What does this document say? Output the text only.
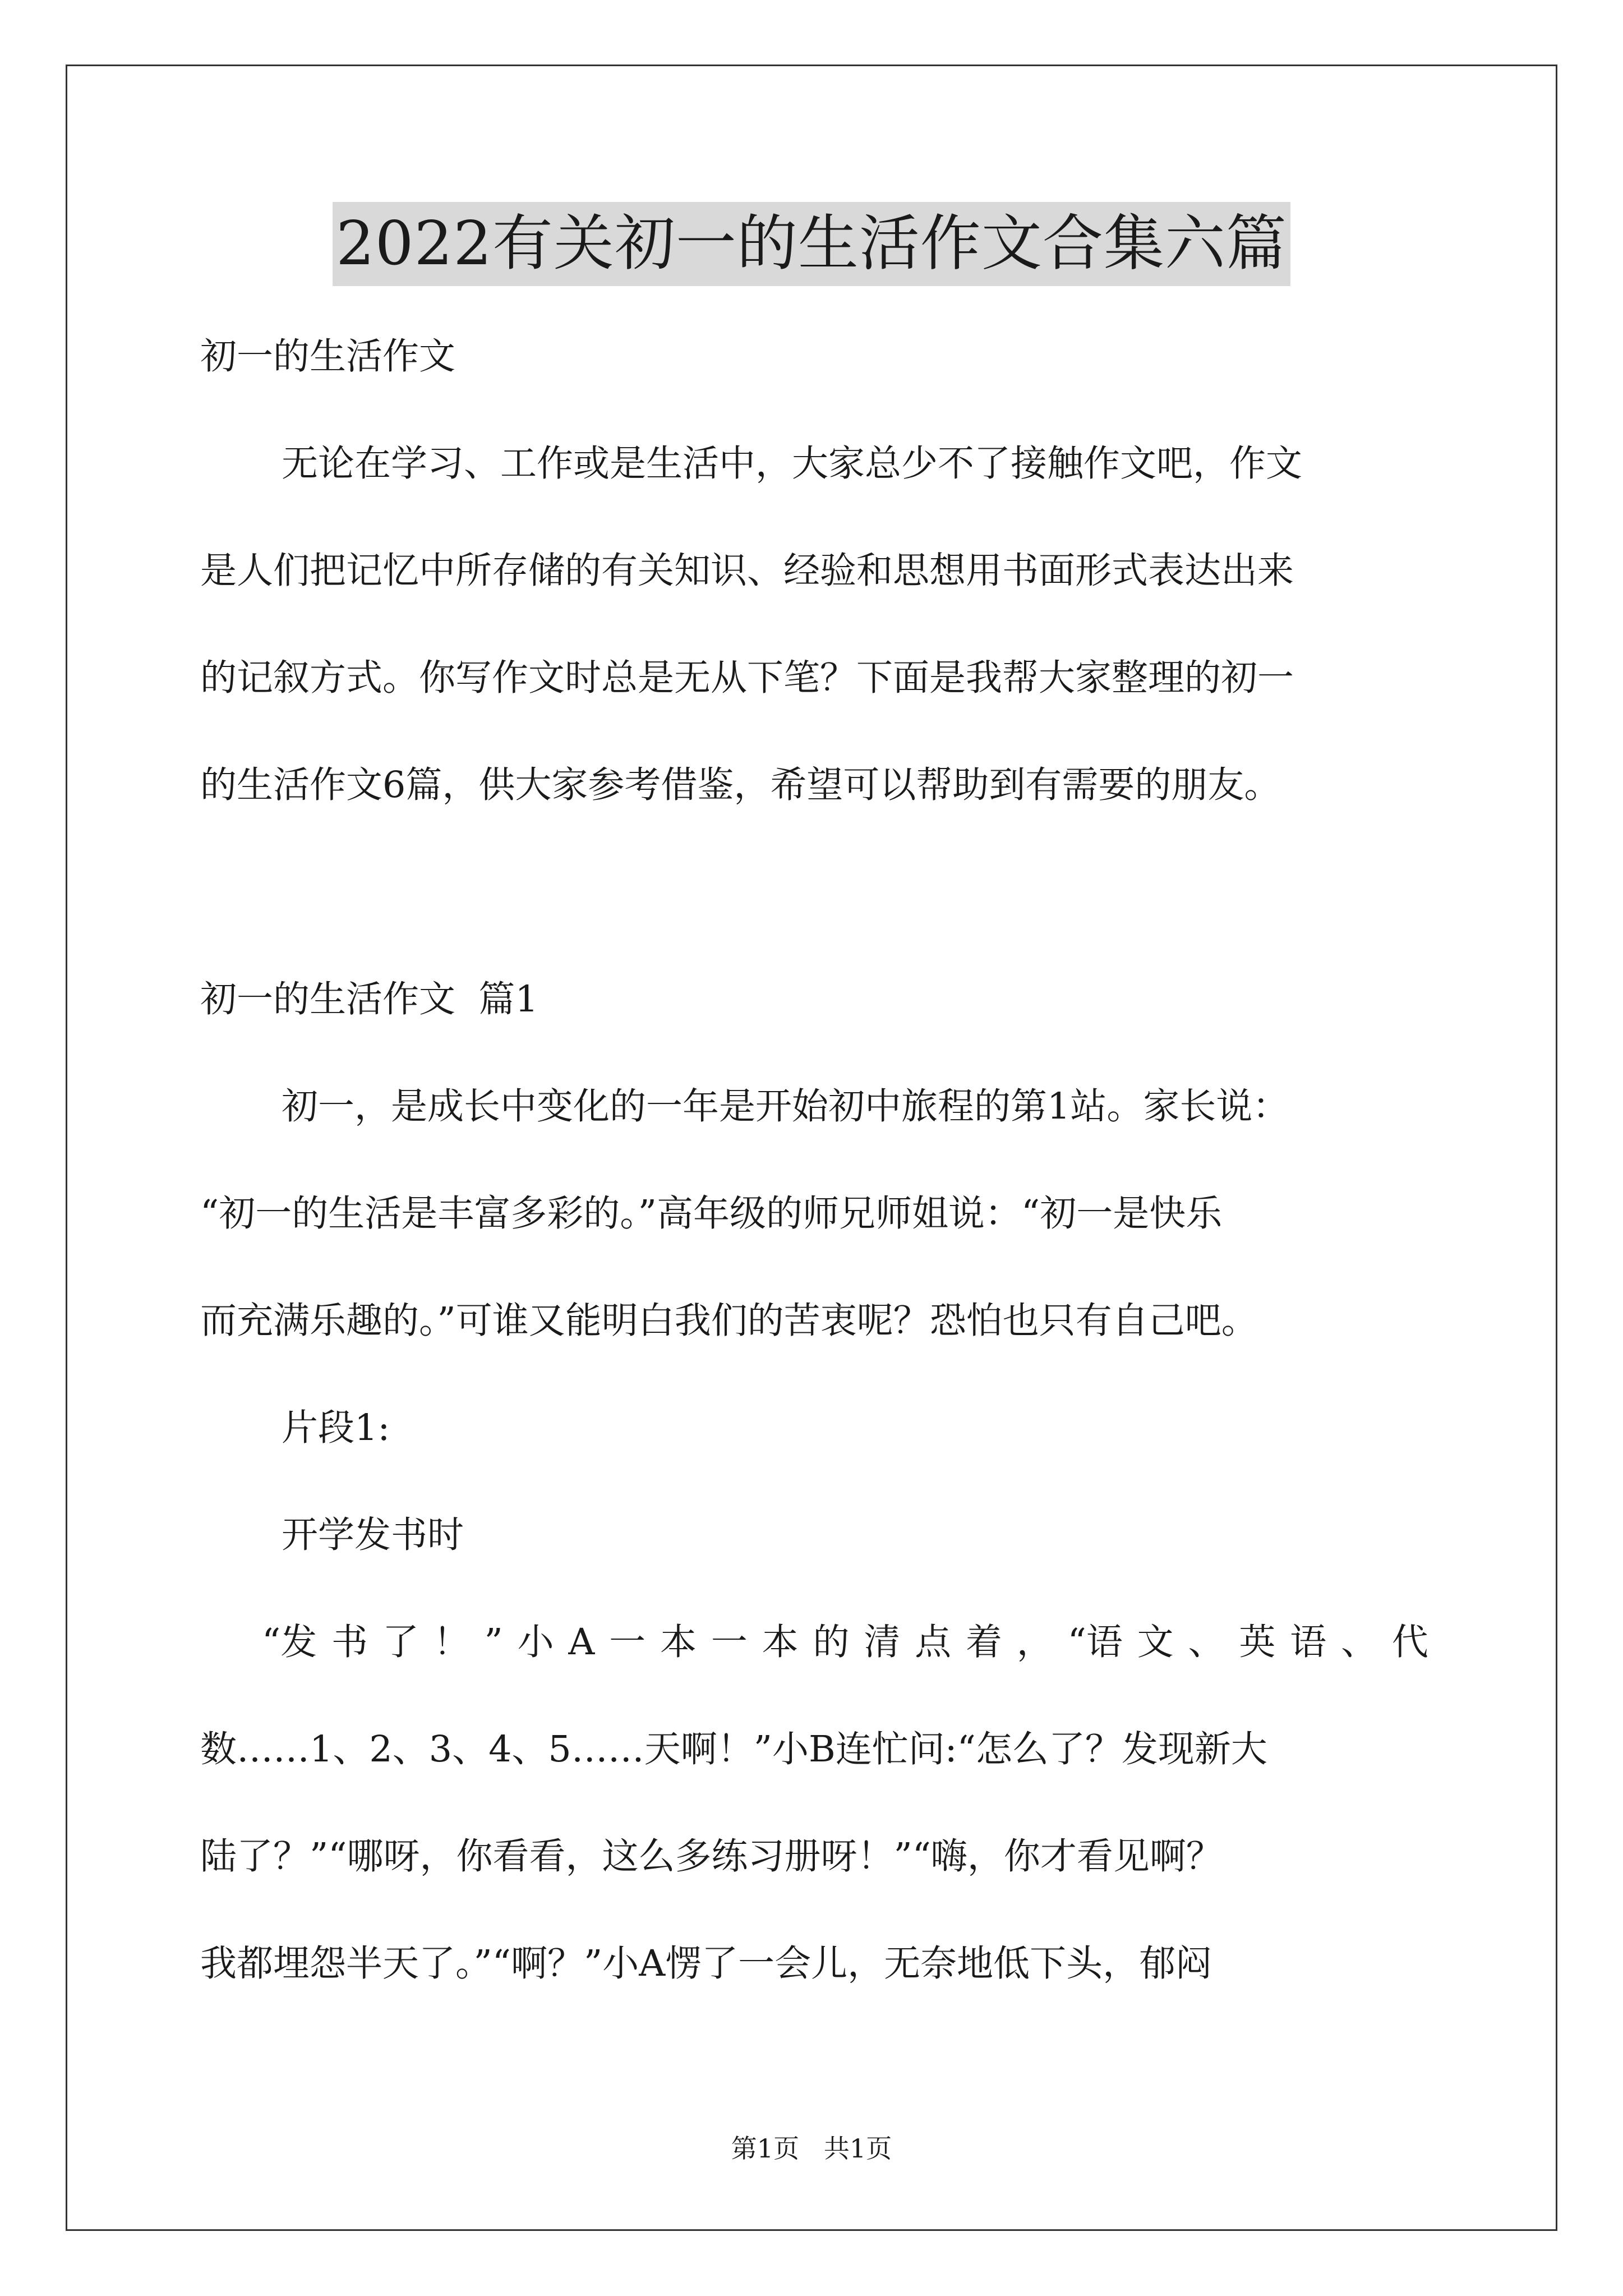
2022有关初一的生活作文合集六篇
初一的生活作文
无论在学习、工作或是生活中，大家总少不了接触作文吧，作文
是人们把记忆中所存储的有关知识、经验和思想用书面形式表达出来
的记叙方式。你写作文时总是无从下笔？下面是我帮大家整理的初一
的生活作文6篇，供大家参考借鉴，希望可以帮助到有需要的朋友。
初一的生活作文  篇1
初一，是成长中变化的一年是开始初中旅程的第1站。家长说：
“初一的生活是丰富多彩的。”高年级的师兄师姐说：“初一是快乐
而充满乐趣的。”可谁又能明白我们的苦衷呢？恐怕也只有自己吧。
片段1:
开学发书时
“发 书 了 ！ ” 小 A 一 本 一 本 的 清 点 着 ， “语 文 、 英 语 、 代
数……1、2、3、4、5……天啊！”小B连忙问:“怎么了？发现新大
陆了？”“哪呀，你看看，这么多练习册呀！”“嗨，你才看见啊？
我都埋怨半天了。”“啊？”小A愣了一会儿，无奈地低下头，郁闷
第1页   共1页
